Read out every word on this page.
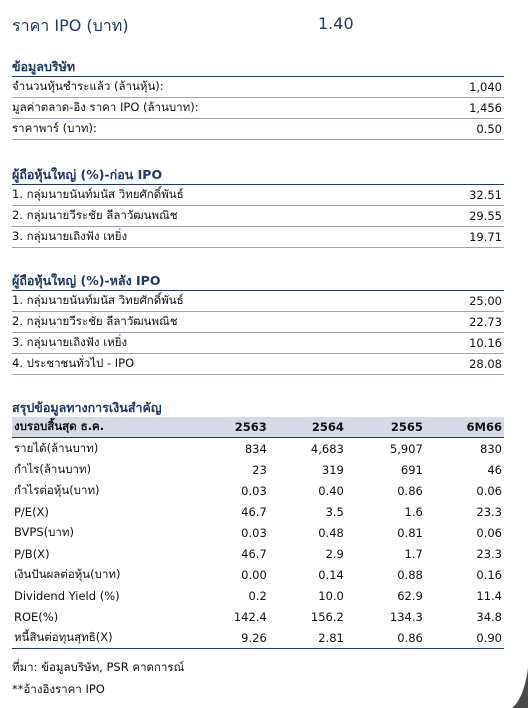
ราคา IPO (บาท)	1.40
ข้อมูลบริษัท
จำนวนหุ้นชำระแล้ว (ล้านหุ้น):	1,040
มูลค่าตลาด-อิง ราคา IPO (ล้านบาท):	1,456
ราคาพาร์ (บาท):	0.50
ผู้ถือหุ้นใหญ่ (%)-ก่อน IPO
1. กลุ่มนายนันท์มนัส วิทยศักดิ์พันธ์	32.51
2. กลุ่มนายวีระชัย ลีลาวัฒนพณิช	29.55
3. กลุ่มนายเถิงฟัง เหยิ่ง	19.71
ผู้ถือหุ้นใหญ่ (%)-หลัง IPO
1. กลุ่มนายนันท์มนัส วิทยศักดิ์พันธ์	25.00
2. กลุ่มนายวีระชัย ลีลาวัฒนพณิช	22.73
3. กลุ่มนายเถิงฟัง เหยิ่ง	10.16
4. ประชาชนทั่วไป - IPO	28.08
สรุปข้อมูลทางการเงินสำคัญ
งบรอบสิ้นสุด ธ.ค.	2563	2564	2565	6M66
รายได้(ล้านบาท)	834	4,683	5,907	830
กำไร(ล้านบาท)	23	319	691	46
กำไรต่อหุ้น(บาท)	0.03	0.40	0.86	0.06
P/E(X)	46.7	3.5	1.6	23.3
BVPS(บาท)	0.03	0.48	0.81	0.06
P/B(X)	46.7	2.9	1.7	23.3
เงินปันผลต่อหุ้น(บาท)	0.00	0.14	0.88	0.16
Dividend Yield (%)	0.2	10.0	62.9	11.4
ROE(%)	142.4	156.2	134.3	34.8
หนี้สินต่อทุนสุทธิ(X)	9.26	2.81	0.86	0.90
ที่มา: ข้อมูลบริษัท, PSR คาดการณ์
**อ้างอิงราคา IPO
